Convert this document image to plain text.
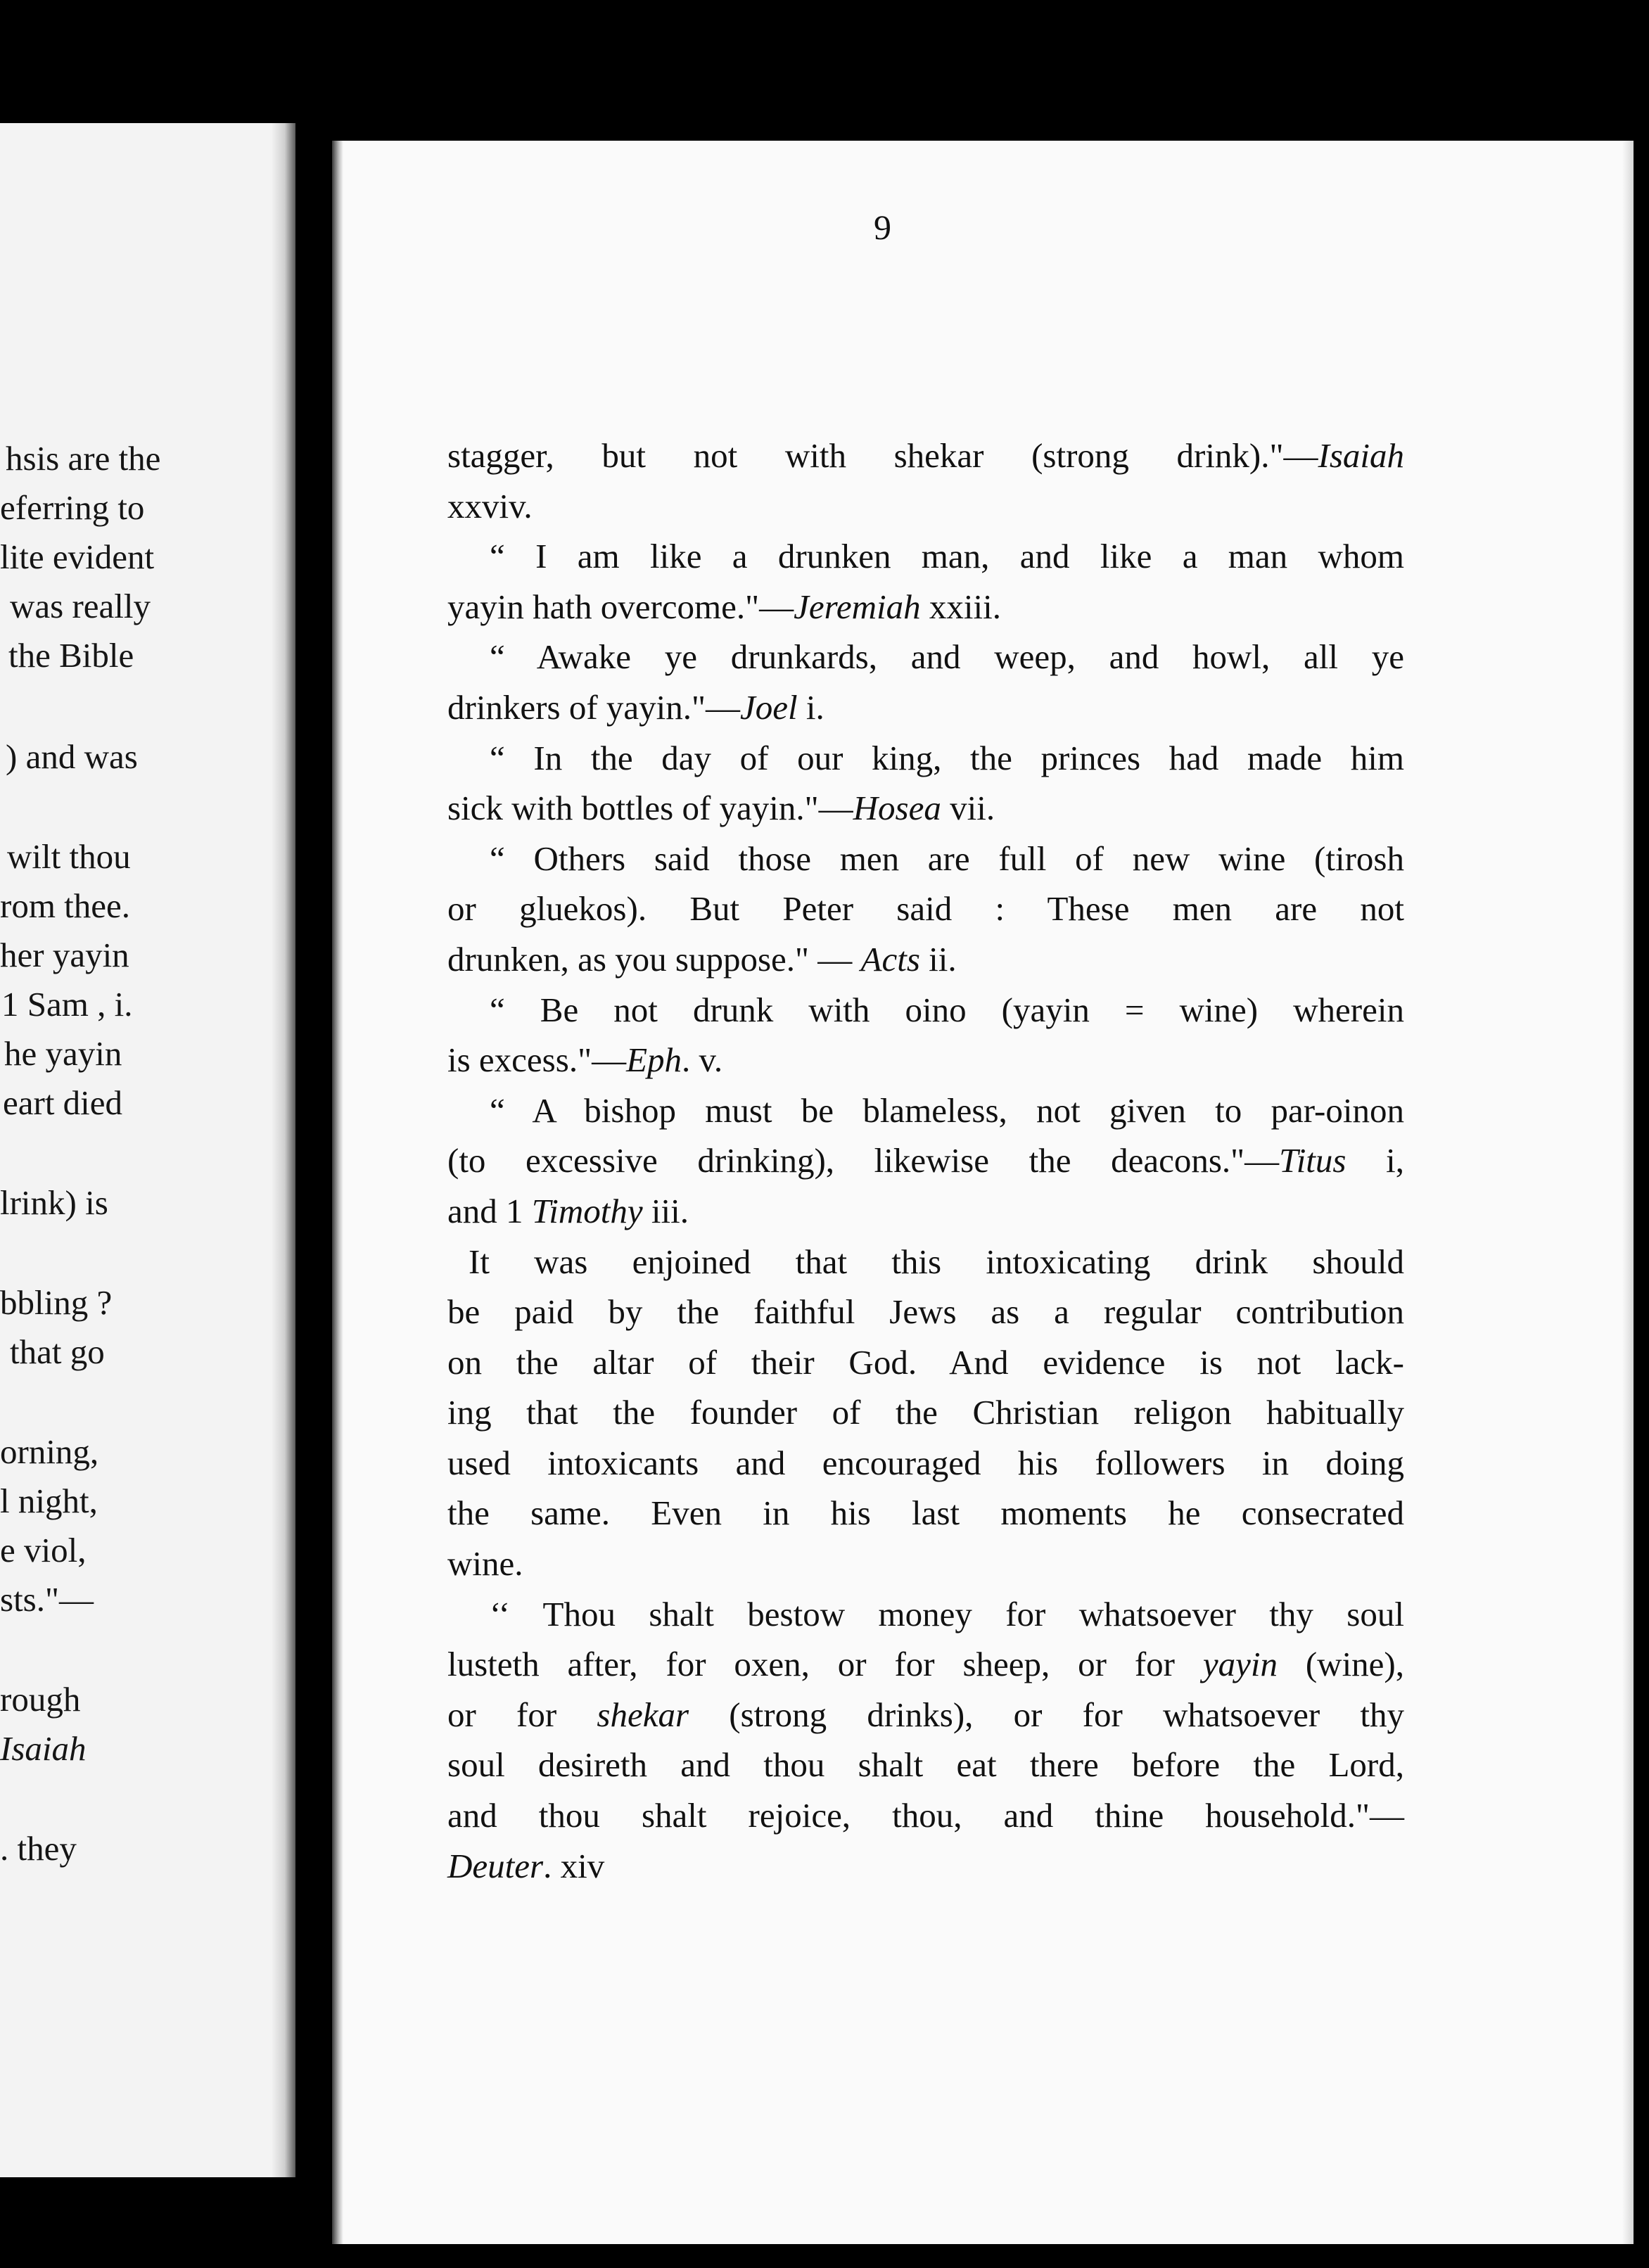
hsis are the
eferring to
lite evident
was really
the Bible
) and was
wilt thou
rom thee.
her yayin
1 Sam , i.
he yayin
eart died
lrink) is
bbling ?
that go
orning,
l night,
e viol,
sts."—
rough
Isaiah
. they
9
stagger, but not with shekar (strong drink)."—Isaiah
xxviv.
“ I am like a drunken man, and like a man whom
yayin hath overcome."—Jeremiah xxiii.
“ Awake ye drunkards, and weep, and howl, all ye
drinkers of yayin."—Joel i.
“ In the day of our king, the princes had made him
sick with bottles of yayin."—Hosea vii.
“ Others said those men are full of new wine (tirosh
or gluekos). But Peter said : These men are not
drunken, as you suppose." — Acts ii.
“ Be not drunk with oino (yayin = wine) wherein
is excess."—Eph. v.
“ A bishop must be blameless, not given to par-oinon
(to excessive drinking), likewise the deacons."—Titus i,
and 1 Timothy iii.
It was enjoined that this intoxicating drink should
be paid by the faithful Jews as a regular contribution
on the altar of their God. And evidence is not lack-
ing that the founder of the Christian religon habitually
used intoxicants and encouraged his followers in doing
the same. Even in his last moments he consecrated
wine.
‘‘ Thou shalt bestow money for whatsoever thy soul
lusteth after, for oxen, or for sheep, or for yayin (wine),
or for shekar (strong drinks), or for whatsoever thy
soul desireth and thou shalt eat there before the Lord,
and thou shalt rejoice, thou, and thine household."—
Deuter. xiv
